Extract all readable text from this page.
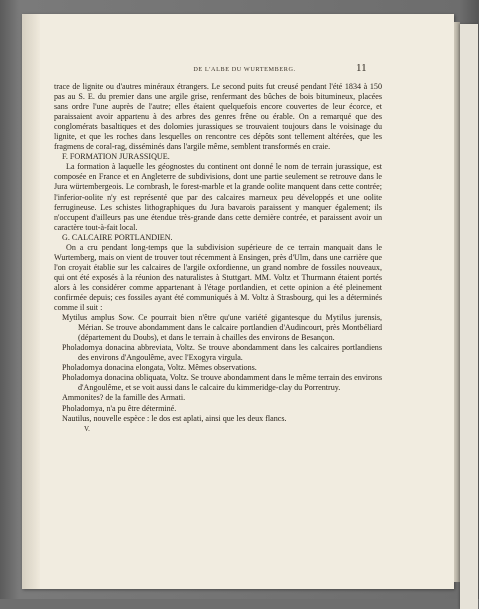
DE L'ALBE DU WURTEMBERG.	11

trace de lignite ou d'autres minéraux étrangers. Le second puits fut creusé pendant l'été 1834 à 150 pas au S. E. du premier dans une argile grise, renfermant des bûches de bois bitumineux, placées sans ordre l'une auprès de l'autre; elles étaient quelquefois encore couvertes de leur écorce, et paraissaient avoir appartenu à des arbres des genres frêne ou érable. On a remarqué que des conglomérats basaltiques et des dolomies jurassiques se trouvaient toujours dans le voisinage du lignite, et que les roches dans lesquelles on rencontre ces dépôts sont tellement altérées, que les fragmens de coral-rag, disséminés dans l'argile même, semblent transformés en craie.

F. FORMATION JURASSIQUE.

La formation à laquelle les géognostes du continent ont donné le nom de terrain jurassique, est composée en France et en Angleterre de subdivisions, dont une partie seulement se retrouve dans le Jura würtembergeois. Le cornbrash, le forest-marble et la grande oolite manquent dans cette contrée; l'inferior-oolite n'y est représenté que par des calcaires marneux peu développés et une oolite ferrugineuse. Les schistes lithographiques du Jura bavarois paraissent y manquer également; ils n'occupent d'ailleurs pas une étendue très-grande dans cette dernière contrée, et paraissent avoir un caractère tout-à-fait local.

G. CALCAIRE PORTLANDIEN.

On a cru pendant long-temps que la subdivision supérieure de ce terrain manquait dans le Wurtemberg, mais on vient de trouver tout récemment à Ensingen, près d'Ulm, dans une carrière que l'on croyait établie sur les calcaires de l'argile oxfordienne, un grand nombre de fossiles nouveaux, qui ont été exposés à la réunion des naturalistes à Stuttgart. MM. Voltz et Thurmann étaient portés alors à les considérer comme appartenant à l'étage portlandien, et cette opinion a été pleinement confirmée depuis; ces fossiles ayant été communiqués à M. Voltz à Strasbourg, qui les a déterminés comme il suit :

Mytilus amplus Sow. Ce pourrait bien n'être qu'une variété gigantesque du Mytilus jurensis, Mérian. Se trouve abondamment dans le calcaire portlandien d'Audincourt, près Montbéliard (département du Doubs), et dans le terrain à chailles des environs de Besançon.

Pholadomya donacina abbreviata, Voltz. Se trouve abondamment dans les calcaires portlandiens des environs d'Angoulême, avec l'Exogyra virgula.

Pholadomya donacina elongata, Voltz. Mêmes observations.

Pholadomya donacina obliquata, Voltz. Se trouve abondamment dans le même terrain des environs d'Angoulême, et se voit aussi dans le calcaire du kimmeridge-clay du Porrentruy.

Ammonites? de la famille des Armati.

Pholadomya, n'a pu être déterminé.

Nautilus, nouvelle espèce : le dos est aplati, ainsi que les deux flancs.

V.
